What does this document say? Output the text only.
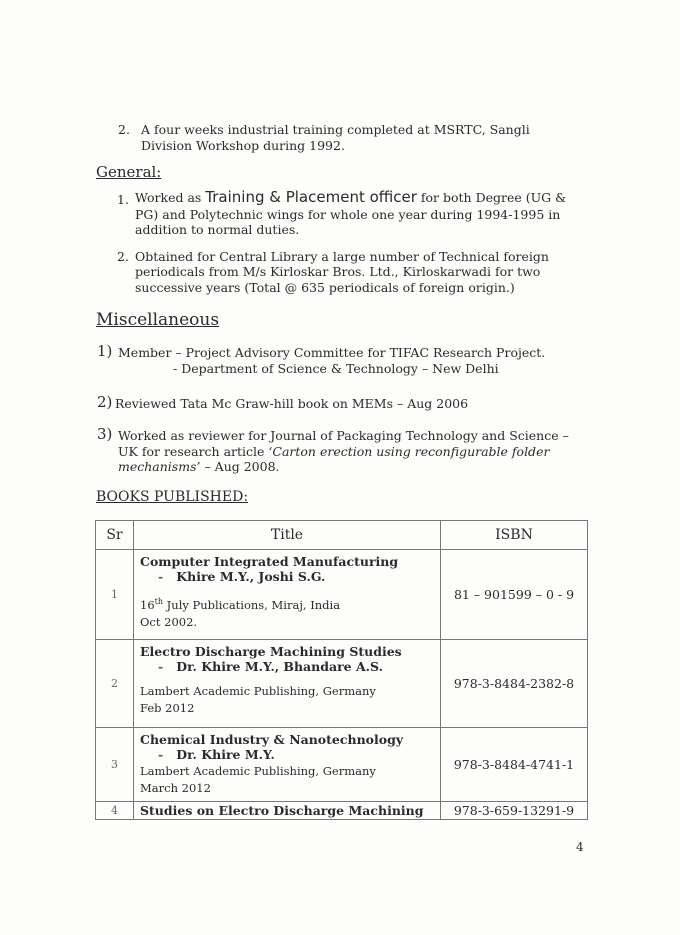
2. A four weeks industrial training completed at MSRTC, Sangli
Division Workshop during 1992.
General:
1. Worked as Training & Placement officer for both Degree (UG &
PG) and Polytechnic wings for whole one year during 1994-1995 in
addition to normal duties.
2. Obtained for Central Library a large number of Technical foreign
periodicals from M/s Kirloskar Bros. Ltd., Kirloskarwadi for two
successive years (Total @ 635 periodicals of foreign origin.)
Miscellaneous
1) Member – Project Advisory Committee for TIFAC Research Project.
- Department of Science & Technology – New Delhi
2) Reviewed Tata Mc Graw-hill book on MEMs – Aug 2006
3) Worked as reviewer for Journal of Packaging Technology and Science –
UK for research article ‘Carton erection using reconfigurable folder
mechanisms’ – Aug 2008.
BOOKS PUBLISHED:
Sr	Title	ISBN
1	Computer Integrated Manufacturing
- Khire M.Y., Joshi S.G.
16th July Publications, Miraj, India
Oct 2002.	81 – 901599 – 0 - 9
2	Electro Discharge Machining Studies
- Dr. Khire M.Y., Bhandare A.S.
Lambert Academic Publishing, Germany
Feb 2012	978-3-8484-2382-8
3	Chemical Industry & Nanotechnology
- Dr. Khire M.Y.
Lambert Academic Publishing, Germany
March 2012	978-3-8484-4741-1
4	Studies on Electro Discharge Machining	978-3-659-13291-9
4
